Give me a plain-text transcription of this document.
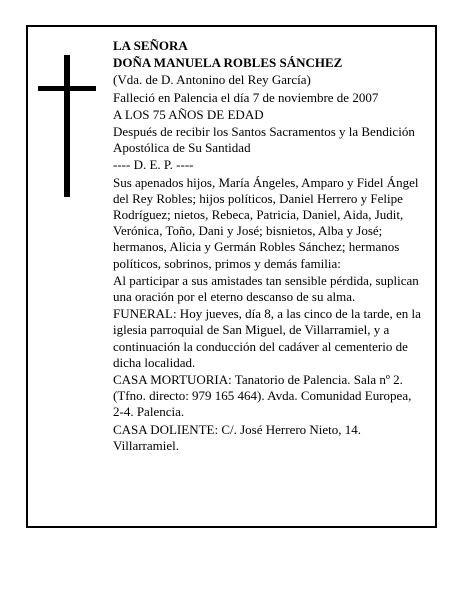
LA SEÑORA

DOÑA MANUELA ROBLES SÁNCHEZ

(Vda. de D. Antonino del Rey García)

Falleció en Palencia el día 7 de noviembre de 2007

A LOS 75 AÑOS DE EDAD

Después de recibir los Santos Sacramentos y la Bendición Apostólica de Su Santidad

---- D. E. P. ----

Sus apenados hijos, María Ángeles, Amparo y Fidel Ángel del Rey Robles; hijos políticos, Daniel Herrero y Felipe Rodríguez; nietos, Rebeca, Patricia, Daniel, Aida, Judit, Verónica, Toño, Dani y José; bisnietos, Alba y José; hermanos, Alicia y Germán Robles Sánchez; hermanos políticos, sobrinos, primos y demás familia:

Al participar a sus amistades tan sensible pérdida, suplican una oración por el eterno descanso de su alma.

FUNERAL: Hoy jueves, día 8, a las cinco de la tarde, en la iglesia parroquial de San Miguel, de Villarramiel, y a continuación la conducción del cadáver al cementerio de dicha localidad.

CASA MORTUORIA: Tanatorio de Palencia. Sala nº 2. (Tfno. directo: 979 165 464). Avda. Comunidad Europea, 2-4. Palencia.

CASA DOLIENTE: C/. José Herrero Nieto, 14. Villarramiel.
